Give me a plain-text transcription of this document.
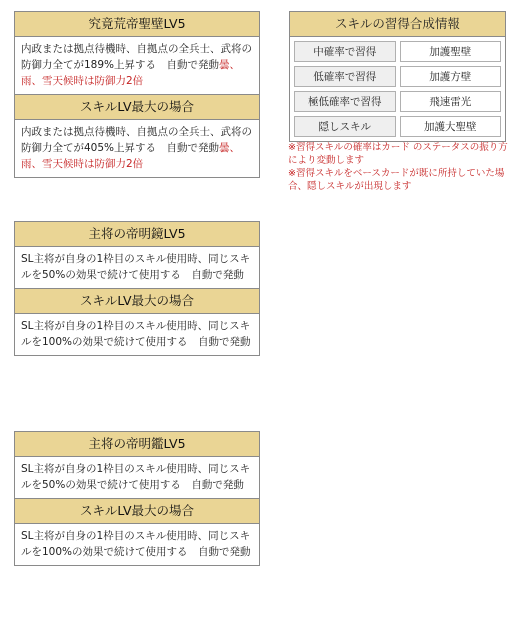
究竟荒帝聖壁LV5
内政または拠点待機時、自拠点の全兵士、武将の防御力全てが189%上昇する　自動で発動曇、雨、雪天候時は防御力2倍
スキルLV最大の場合
内政または拠点待機時、自拠点の全兵士、武将の防御力全てが405%上昇する　自動で発動曇、雨、雪天候時は防御力2倍
スキルの習得合成情報
中確率で習得	加護聖壁
低確率で習得	加護方壁
極低確率で習得	飛速雷光
隠しスキル	加護大聖壁
※習得スキルの確率はカード のステータスの振り方により変動します
※習得スキルをベースカードが既に所持していた場合、隠しスキルが出現します
主将の帝明鏡LV5
SL主将が自身の1枠目のスキル使用時、同じスキルを50%の効果で続けて使用する　自動で発動
スキルLV最大の場合
SL主将が自身の1枠目のスキル使用時、同じスキルを100%の効果で続けて使用する　自動で発動
主将の帝明鑑LV5
SL主将が自身の1枠目のスキル使用時、同じスキルを50%の効果で続けて使用する　自動で発動
スキルLV最大の場合
SL主将が自身の1枠目のスキル使用時、同じスキルを100%の効果で続けて使用する　自動で発動
